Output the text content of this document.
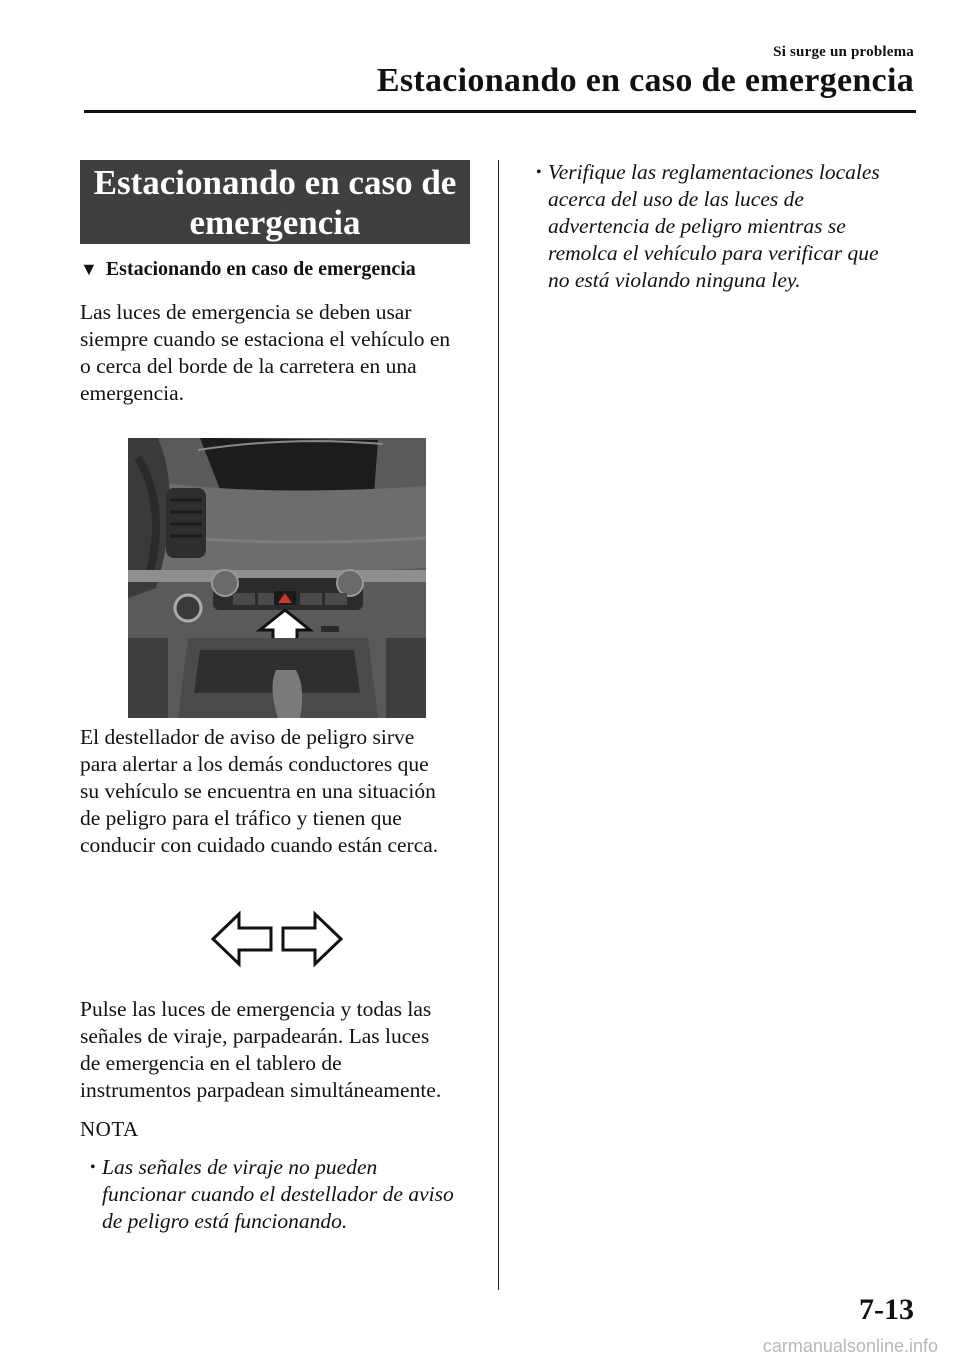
Si surge un problema
Estacionando en caso de emergencia
Estacionando en caso de
emergencia
▼ Estacionando en caso de emergencia
Las luces de emergencia se deben usar
siempre cuando se estaciona el vehículo en
o cerca del borde de la carretera en una
emergencia.
El destellador de aviso de peligro sirve
para alertar a los demás conductores que
su vehículo se encuentra en una situación
de peligro para el tráfico y tienen que
conducir con cuidado cuando están cerca.
Pulse las luces de emergencia y todas las
señales de viraje, parpadearán. Las luces
de emergencia en el tablero de
instrumentos parpadean simultáneamente.
NOTA
• Las señales de viraje no pueden
funcionar cuando el destellador de aviso
de peligro está funcionando.
• Verifique las reglamentaciones locales
acerca del uso de las luces de
advertencia de peligro mientras se
remolca el vehículo para verificar que
no está violando ninguna ley.
7-13
carmanualsonline.info
